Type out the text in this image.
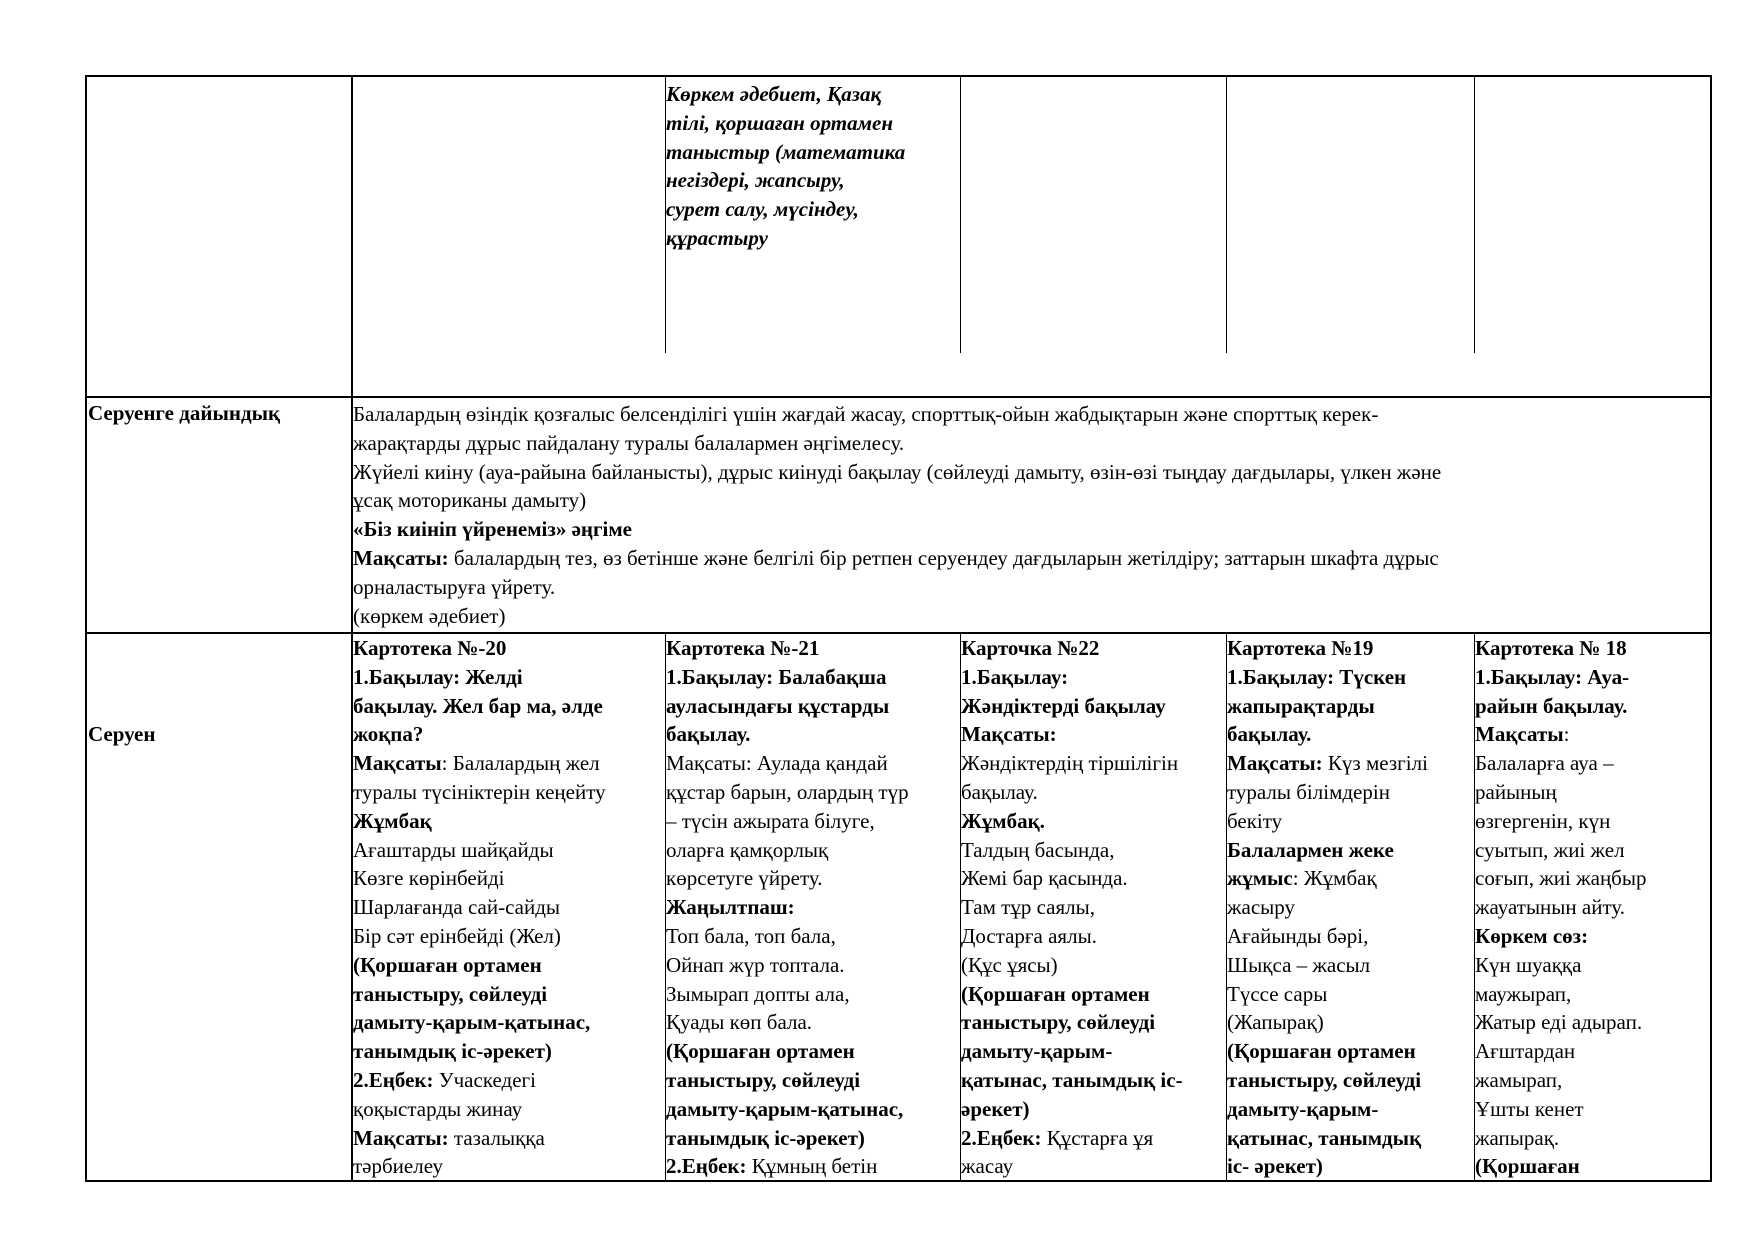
Көркем әдебиет, Қазақ
тілі, қоршаған ортамен
таныстыр (математика
негіздері, жапсыру,
сурет салу, мүсіндеу,
құрастыру
Серуенге дайындық	Балалардың өзіндік қозғалыс белсенділігі үшін жағдай жасау, спорттық-ойын жабдықтарын және спорттық керек-
жарақтарды дұрыс пайдалану туралы балалармен әңгімелесу.
Жүйелі киіну (ауа-райына байланысты), дұрыс киінуді бақылау (сөйлеуді дамыту, өзін-өзі тыңдау дағдылары, үлкен және
ұсақ моториканы дамыту)
«Біз киініп үйренеміз» әңгіме
Мақсаты: балалардың тез, өз бетінше және белгілі бір ретпен серуендеу дағдыларын жетілдіру; заттарын шкафта дұрыс
орналастыруға үйрету.
(көркем әдебиет)
Серуен
Картотека №-20
1.Бақылау: Желді
бақылау. Жел бар ма, әлде
жоқпа?
Мақсаты: Балалардың жел
туралы түсініктерін кеңейту
Жұмбақ
Ағаштарды шайқайды
Көзге көрінбейді
Шарлағанда сай-сайды
Бір сәт ерінбейді (Жел)
(Қоршаған ортамен
таныстыру, сөйлеуді
дамыту-қарым-қатынас,
танымдық іс-әрекет)
2.Еңбек: Учаскедегі
қоқыстарды жинау
Мақсаты: тазалыққа
тәрбиелеу
Картотека №-21
1.Бақылау: Балабақша
ауласындағы құстарды
бақылау.
Мақсаты: Аулада қандай
құстар барын, олардың түр
– түсін ажырата білуге,
оларға қамқорлық
көрсетуге үйрету.
Жаңылтпаш:
Топ бала, топ бала,
Ойнап жүр топтала.
Зымырап допты ала,
Қуады көп бала.
(Қоршаған ортамен
таныстыру, сөйлеуді
дамыту-қарым-қатынас,
танымдық іс-әрекет)
2.Еңбек: Құмның бетін
Карточка №22
1.Бақылау:
Жәндіктерді бақылау
Мақсаты:
Жәндіктердің тіршілігін
бақылау.
Жұмбақ.
Талдың басында,
Жемі бар қасында.
Там тұр саялы,
Достарға аялы.
(Құс ұясы)
(Қоршаған ортамен
таныстыру, сөйлеуді
дамыту-қарым-
қатынас, танымдық іс-
әрекет)
2.Еңбек: Құстарға ұя
жасау
Картотека №19
1.Бақылау: Түскен
жапырақтарды
бақылау.
Мақсаты: Күз мезгілі
туралы білімдерін
бекіту
Балалармен жеке
жұмыс: Жұмбақ
жасыру
Ағайынды бәрі,
Шықса – жасыл
Түссе сары
(Жапырақ)
(Қоршаған ортамен
таныстыру, сөйлеуді
дамыту-қарым-
қатынас, танымдық
іс- әрекет)
Картотека № 18
1.Бақылау: Ауа-
райын бақылау.
Мақсаты:
Балаларға ауа –
райының
өзгергенін, күн
суытып, жиі жел
соғып, жиі жаңбыр
жауатынын айту.
Көркем сөз:
Күн шуаққа
маужырап,
Жатыр еді адырап.
Ағштардан
жамырап,
Ұшты кенет
жапырақ.
(Қоршаған
